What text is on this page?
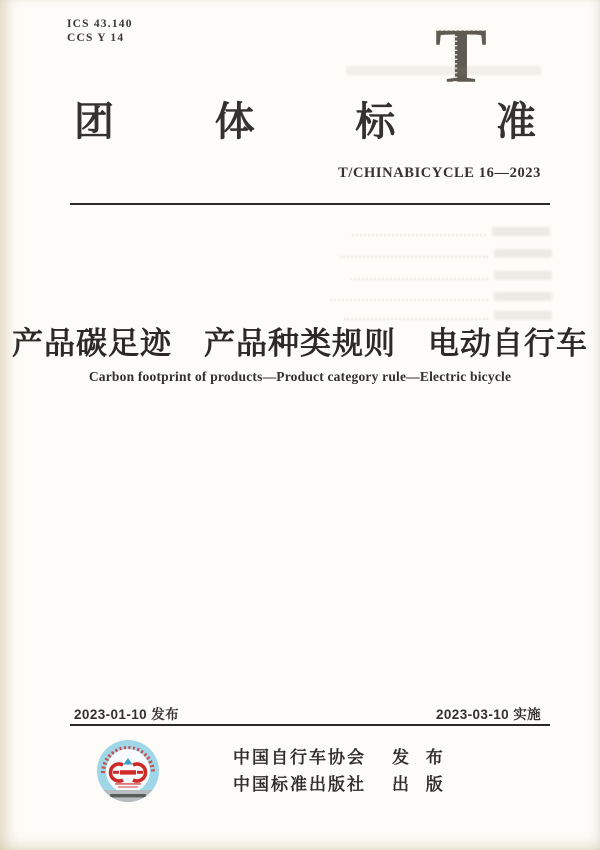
ICS 43.140
CCS Y 14	T
团	体	标	准
T/CHINABICYCLE 16—2023
产品碳足迹　产品种类规则　电动自行车
Carbon footprint of products—Product category rule—Electric bicycle
2023-01-10 发布	2023-03-10 实施
中国自行车协会 发 布
中国标准出版社 出 版
